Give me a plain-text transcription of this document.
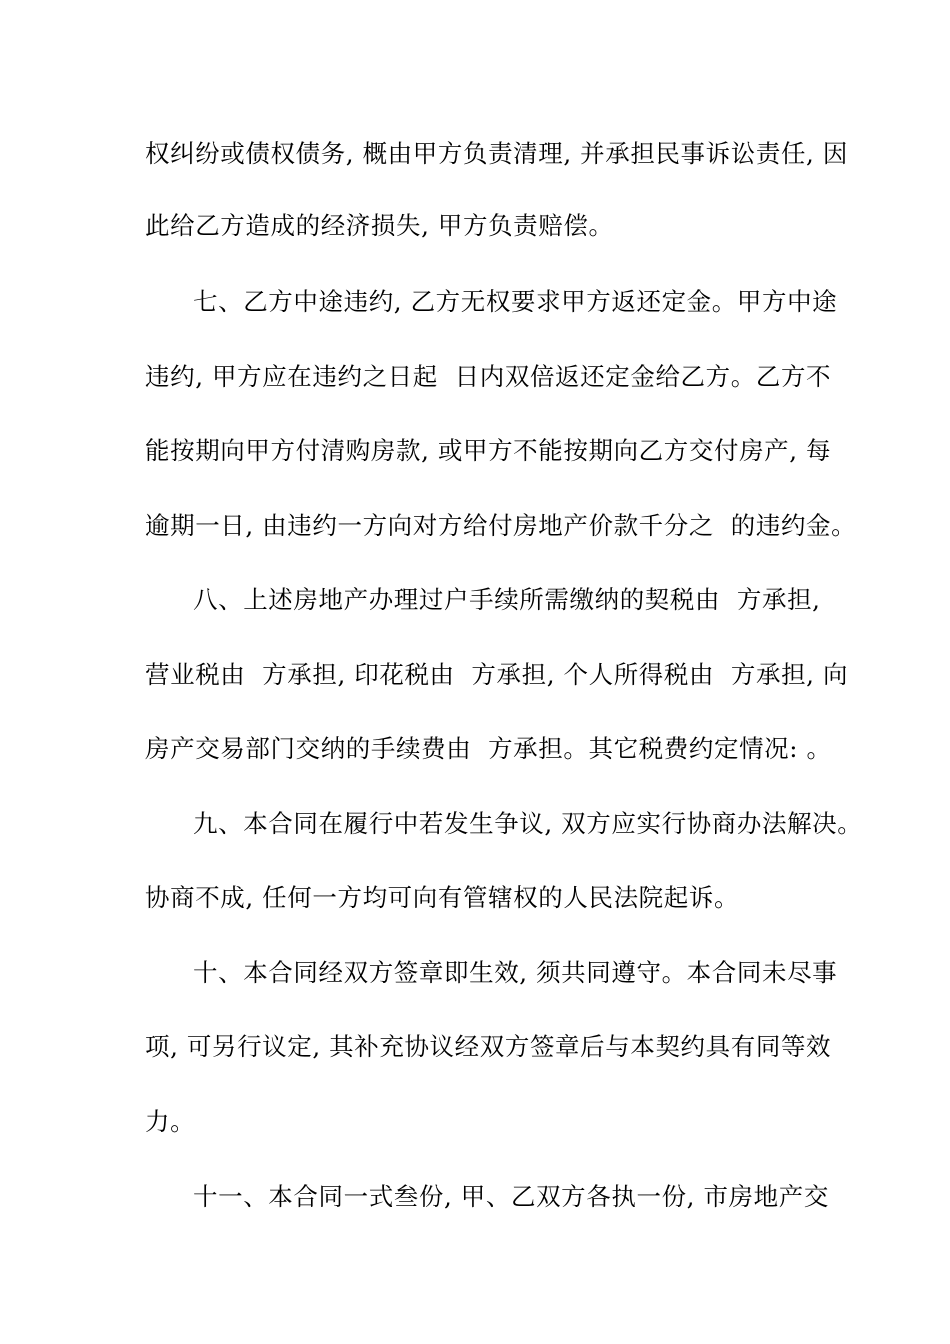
权纠纷或债权债务, 概由甲方负责清理, 并承担民事诉讼责任, 因
此给乙方造成的经济损失, 甲方负责赔偿。
七、乙方中途违约, 乙方无权要求甲方返还定金。甲方中途
违约, 甲方应在违约之日起  日内双倍返还定金给乙方。乙方不
能按期向甲方付清购房款, 或甲方不能按期向乙方交付房产, 每
逾期一日, 由违约一方向对方给付房地产价款千分之  的违约金。
八、上述房地产办理过户手续所需缴纳的契税由  方承担,
营业税由  方承担, 印花税由  方承担, 个人所得税由  方承担, 向
房产交易部门交纳的手续费由  方承担。其它税费约定情况: 。
九、本合同在履行中若发生争议, 双方应实行协商办法解决。
协商不成, 任何一方均可向有管辖权的人民法院起诉。
十、本合同经双方签章即生效, 须共同遵守。本合同未尽事
项, 可另行议定, 其补充协议经双方签章后与本契约具有同等效
力。
十一、本合同一式叁份, 甲、乙双方各执一份, 市房地产交
